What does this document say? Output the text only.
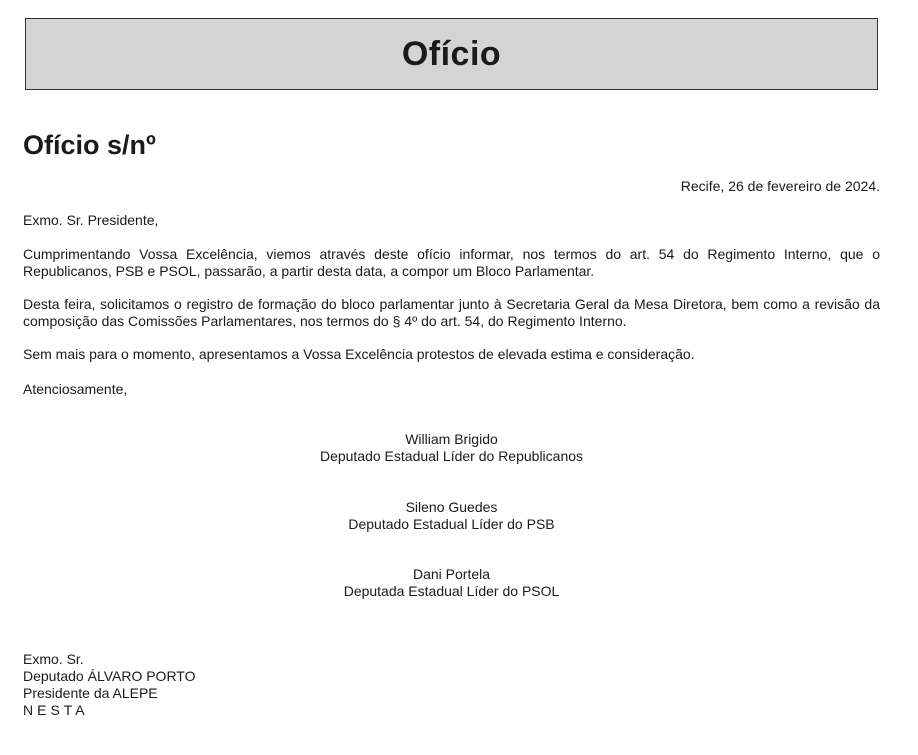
Ofício
Ofício s/nº
Recife, 26 de fevereiro de 2024.

Exmo. Sr. Presidente,

Cumprimentando Vossa Excelência, viemos através deste ofício informar, nos termos do art. 54 do Regimento Interno, que o Republicanos, PSB e PSOL, passarão, a partir desta data, a compor um Bloco Parlamentar.

Desta feira, solicitamos o registro de formação do bloco parlamentar junto à Secretaria Geral da Mesa Diretora, bem como a revisão da composição das Comissões Parlamentares, nos termos do § 4º do art. 54, do Regimento Interno.

Sem mais para o momento, apresentamos a Vossa Excelência protestos de elevada estima e consideração.

Atenciosamente,

William Brigido
Deputado Estadual Líder do Republicanos
Sileno Guedes
Deputado Estadual Líder do PSB
Dani Portela
Deputada Estadual Líder do PSOL
Exmo. Sr.
Deputado ÁLVARO PORTO
Presidente da ALEPE
NESTA
